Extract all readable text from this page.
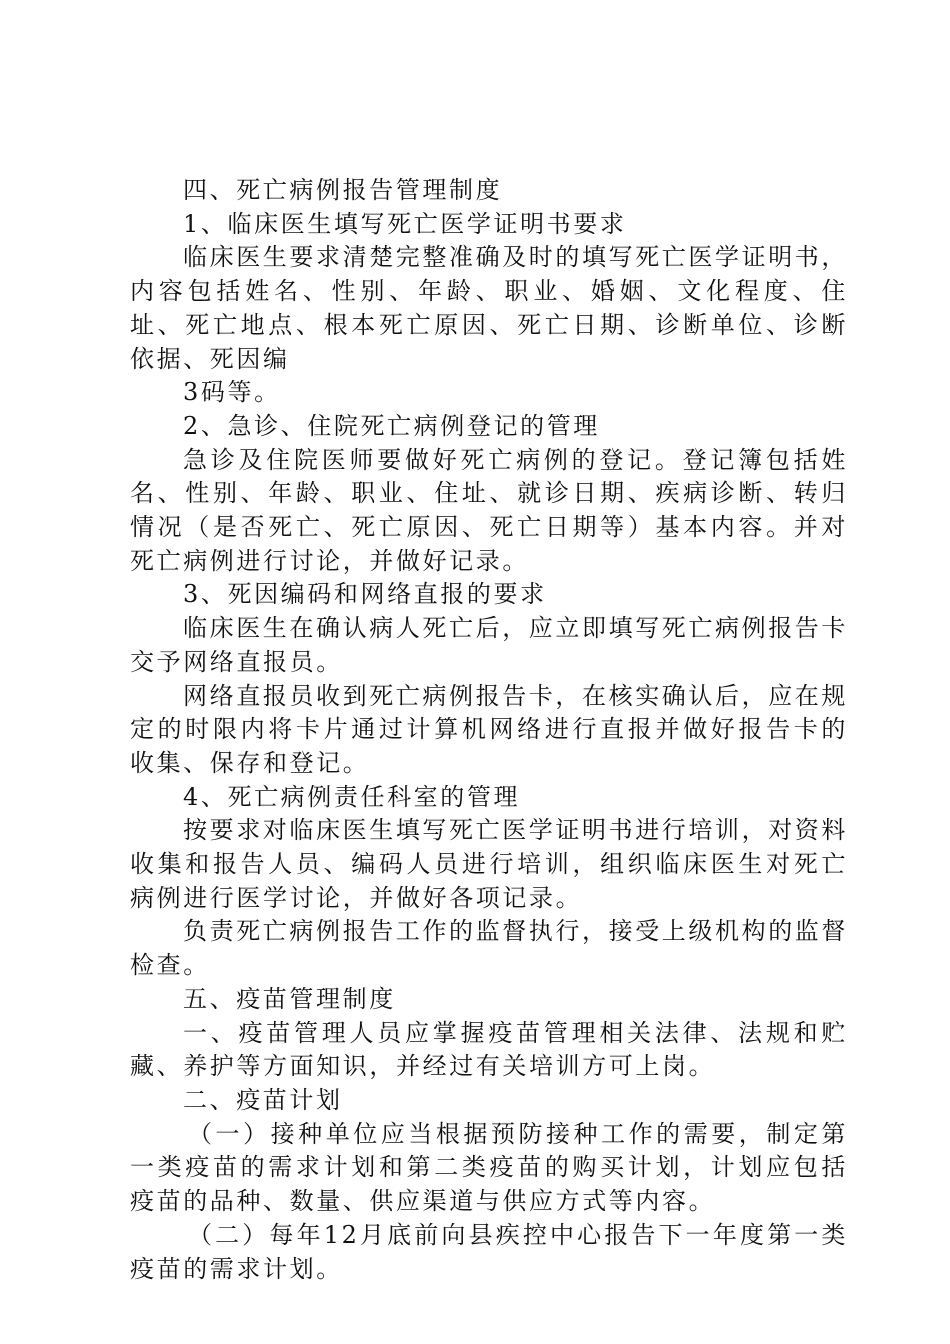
四、死亡病例报告管理制度

1、临床医生填写死亡医学证明书要求

临床医生要求清楚完整准确及时的填写死亡医学证明书，内容包括姓名、性别、年龄、职业、婚姻、文化程度、住址、死亡地点、根本死亡原因、死亡日期、诊断单位、诊断依据、死因编

3码等。

2、急诊、住院死亡病例登记的管理

急诊及住院医师要做好死亡病例的登记。登记簿包括姓名、性别、年龄、职业、住址、就诊日期、疾病诊断、转归情况（是否死亡、死亡原因、死亡日期等）基本内容。并对死亡病例进行讨论，并做好记录。

3、死因编码和网络直报的要求

临床医生在确认病人死亡后，应立即填写死亡病例报告卡交予网络直报员。

网络直报员收到死亡病例报告卡，在核实确认后，应在规定的时限内将卡片通过计算机网络进行直报并做好报告卡的收集、保存和登记。

4、死亡病例责任科室的管理

按要求对临床医生填写死亡医学证明书进行培训，对资料收集和报告人员、编码人员进行培训，组织临床医生对死亡病例进行医学讨论，并做好各项记录。

负责死亡病例报告工作的监督执行，接受上级机构的监督检查。

五、疫苗管理制度

一、疫苗管理人员应掌握疫苗管理相关法律、法规和贮藏、养护等方面知识，并经过有关培训方可上岗。

二、疫苗计划

（一）接种单位应当根据预防接种工作的需要，制定第一类疫苗的需求计划和第二类疫苗的购买计划，计划应包括疫苗的品种、数量、供应渠道与供应方式等内容。

（二）每年12月底前向县疾控中心报告下一年度第一类疫苗的需求计划。
